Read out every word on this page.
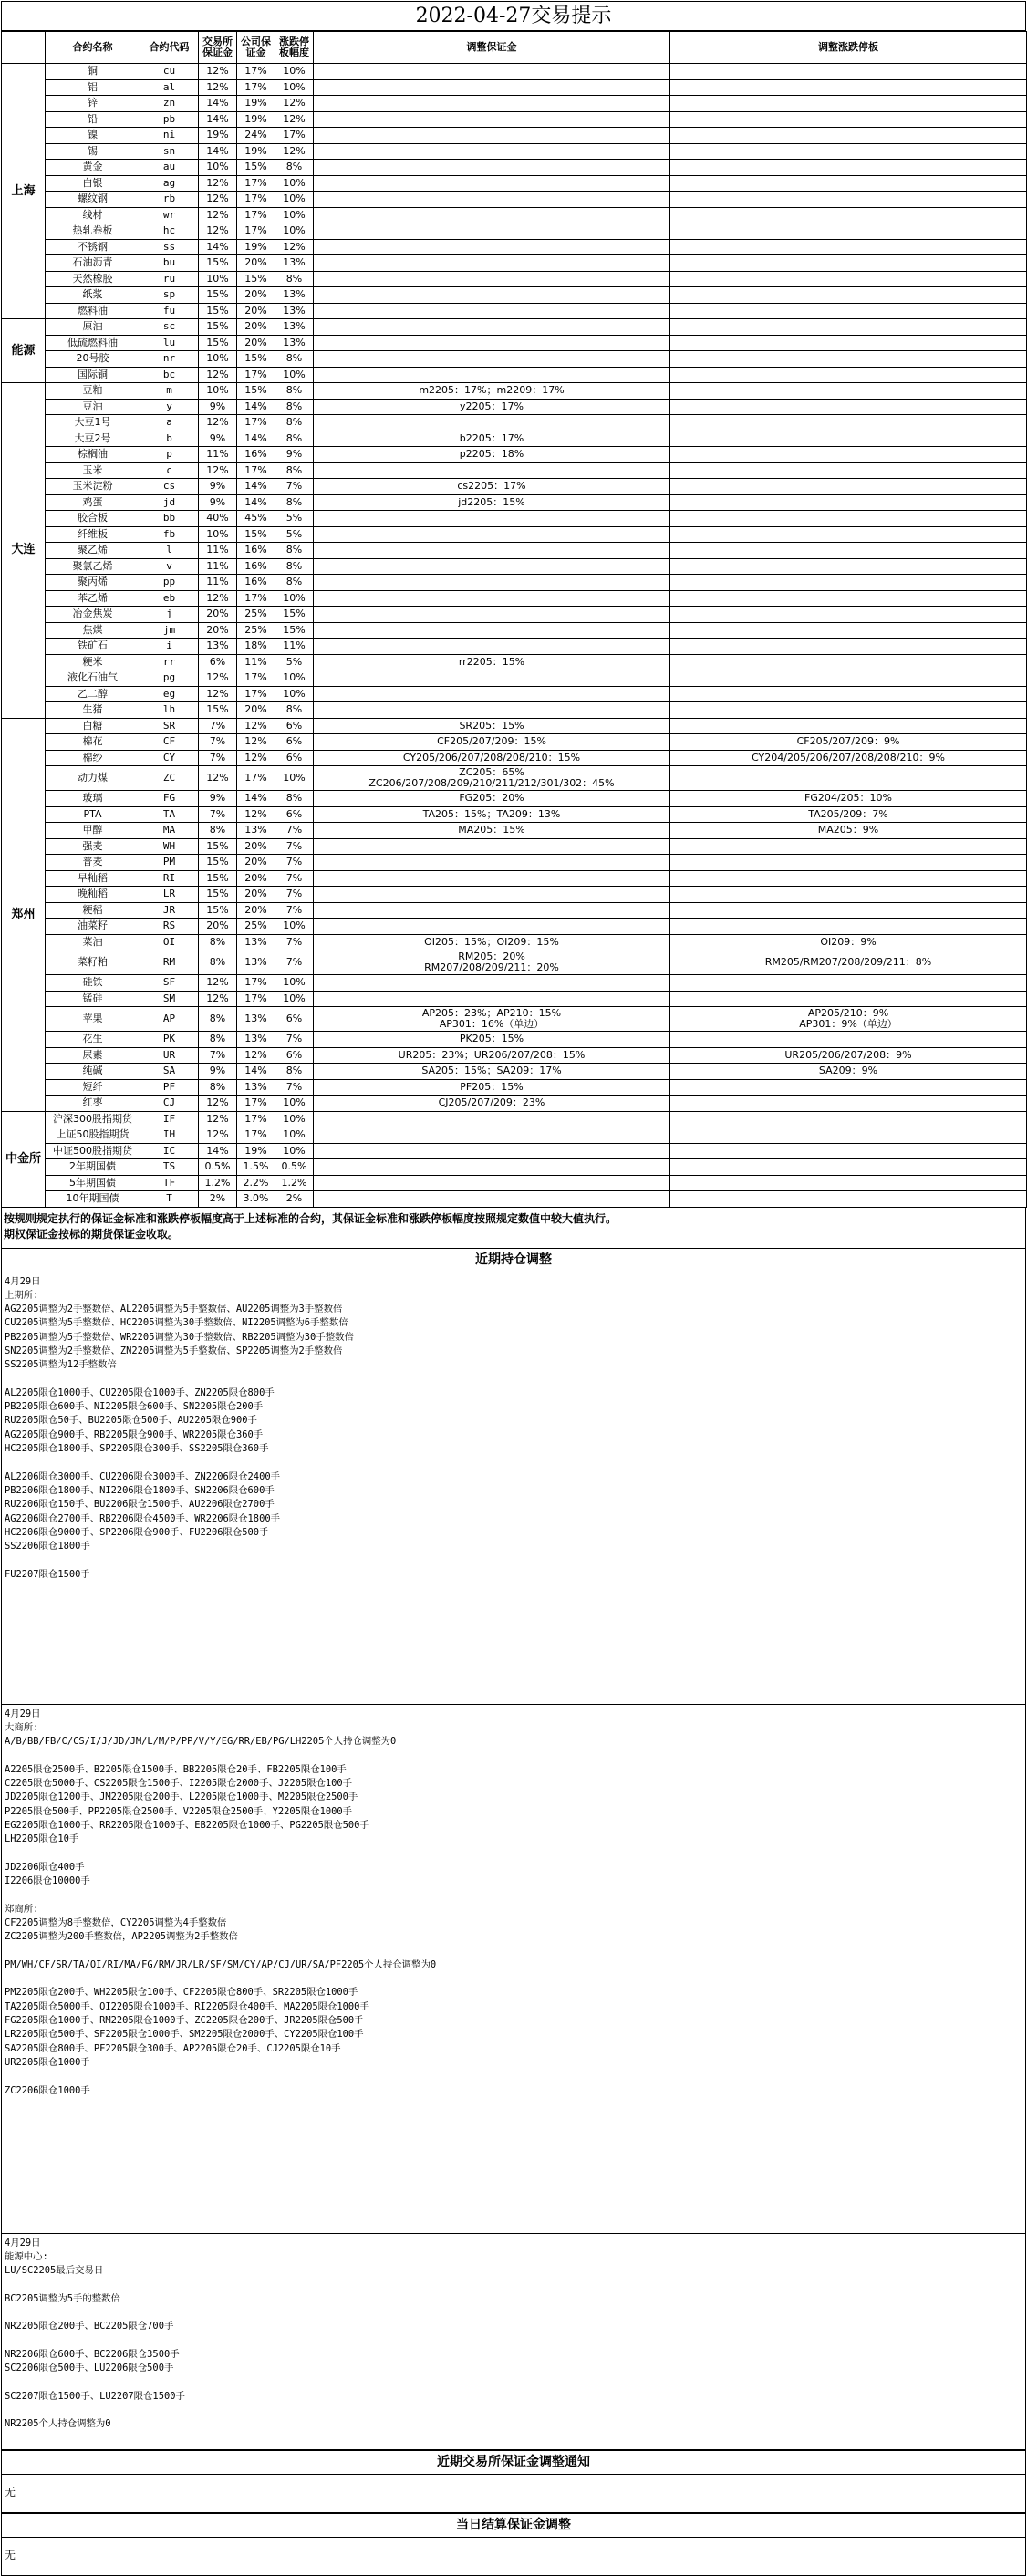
2022-04-27交易提示
	合约名称	合约代码	交易所保证金	公司保证金	涨跌停板幅度	调整保证金	调整涨跌停板
上海	铜	cu	12%	17%	10%		
	铝	al	12%	17%	10%		
	锌	zn	14%	19%	12%		
	铅	pb	14%	19%	12%		
	镍	ni	19%	24%	17%		
	锡	sn	14%	19%	12%		
	黄金	au	10%	15%	8%		
	白银	ag	12%	17%	10%		
	螺纹钢	rb	12%	17%	10%		
	线材	wr	12%	17%	10%		
	热轧卷板	hc	12%	17%	10%		
	不锈钢	ss	14%	19%	12%		
	石油沥青	bu	15%	20%	13%		
	天然橡胶	ru	10%	15%	8%		
	纸浆	sp	15%	20%	13%		
	燃料油	fu	15%	20%	13%		
能源	原油	sc	15%	20%	13%		
	低硫燃料油	lu	15%	20%	13%		
	20号胶	nr	10%	15%	8%		
	国际铜	bc	12%	17%	10%		
大连	豆粕	m	10%	15%	8%	m2205：17%；m2209：17%	
	豆油	y	9%	14%	8%	y2205：17%	
	大豆1号	a	12%	17%	8%		
	大豆2号	b	9%	14%	8%	b2205：17%	
	棕榈油	p	11%	16%	9%	p2205：18%	
	玉米	c	12%	17%	8%		
	玉米淀粉	cs	9%	14%	7%	cs2205：17%	
	鸡蛋	jd	9%	14%	8%	jd2205：15%	
	胶合板	bb	40%	45%	5%		
	纤维板	fb	10%	15%	5%		
	聚乙烯	l	11%	16%	8%		
	聚氯乙烯	v	11%	16%	8%		
	聚丙烯	pp	11%	16%	8%		
	苯乙烯	eb	12%	17%	10%		
	冶金焦炭	j	20%	25%	15%		
	焦煤	jm	20%	25%	15%		
	铁矿石	i	13%	18%	11%		
	粳米	rr	6%	11%	5%	rr2205：15%	
	液化石油气	pg	12%	17%	10%		
	乙二醇	eg	12%	17%	10%		
	生猪	lh	15%	20%	8%		
郑州	白糖	SR	7%	12%	6%	SR205：15%	
	棉花	CF	7%	12%	6%	CF205/207/209：15%	CF205/207/209：9%
	棉纱	CY	7%	12%	6%	CY205/206/207/208/208/210：15%	CY204/205/206/207/208/208/210：9%
	动力煤	ZC	12%	17%	10%	ZC205：65%
ZC206/207/208/209/210/211/212/301/302：45%	
	玻璃	FG	9%	14%	8%	FG205：20%	FG204/205：10%
	PTA	TA	7%	12%	6%	TA205：15%；TA209：13%	TA205/209：7%
	甲醇	MA	8%	13%	7%	MA205：15%	MA205：9%
	强麦	WH	15%	20%	7%		
	普麦	PM	15%	20%	7%		
	早籼稻	RI	15%	20%	7%		
	晚籼稻	LR	15%	20%	7%		
	粳稻	JR	15%	20%	7%		
	油菜籽	RS	20%	25%	10%		
	菜油	OI	8%	13%	7%	OI205：15%；OI209：15%	OI209：9%
	菜籽粕	RM	8%	13%	7%	RM205：20%
RM207/208/209/211：20%	RM205/RM207/208/209/211：8%
	硅铁	SF	12%	17%	10%		
	锰硅	SM	12%	17%	10%		
	苹果	AP	8%	13%	6%	AP205：23%；AP210：15%
AP301：16%（单边）	AP205/210：9%
AP301：9%（单边）
	花生	PK	8%	13%	7%	PK205：15%	
	尿素	UR	7%	12%	6%	UR205：23%；UR206/207/208：15%	UR205/206/207/208：9%
	纯碱	SA	9%	14%	8%	SA205：15%；SA209：17%	SA209：9%
	短纤	PF	8%	13%	7%	PF205：15%	
	红枣	CJ	12%	17%	10%	CJ205/207/209：23%	
中金所	沪深300股指期货	IF	12%	17%	10%		
	上证50股指期货	IH	12%	17%	10%		
	中证500股指期货	IC	14%	19%	10%		
	2年期国债	TS	0.5%	1.5%	0.5%		
	5年期国债	TF	1.2%	2.2%	1.2%		
	10年期国债	T	2%	3.0%	2%		
按规则规定执行的保证金标准和涨跌停板幅度高于上述标准的合约，其保证金标准和涨跌停板幅度按照规定数值中较大值执行。
期权保证金按标的期货保证金收取。
近期持仓调整
4月29日
上期所:
AG2205调整为2手整数倍、AL2205调整为5手整数倍、AU2205调整为3手整数倍
CU2205调整为5手整数倍、HC2205调整为30手整数倍、NI2205调整为6手整数倍
PB2205调整为5手整数倍、WR2205调整为30手整数倍、RB2205调整为30手整数倍
SN2205调整为2手整数倍、ZN2205调整为5手整数倍、SP2205调整为2手整数倍
SS2205调整为12手整数倍
AL2205限仓1000手、CU2205限仓1000手、ZN2205限仓800手
PB2205限仓600手、NI2205限仓600手、SN2205限仓200手
RU2205限仓50手、BU2205限仓500手、AU2205限仓900手
AG2205限仓900手、RB2205限仓900手、WR2205限仓360手
HC2205限仓1800手、SP2205限仓300手、SS2205限仓360手
AL2206限仓3000手、CU2206限仓3000手、ZN2206限仓2400手
PB2206限仓1800手、NI2206限仓1800手、SN2206限仓600手
RU2206限仓150手、BU2206限仓1500手、AU2206限仓2700手
AG2206限仓2700手、RB2206限仓4500手、WR2206限仓1800手
HC2206限仓9000手、SP2206限仓900手、FU2206限仓500手
SS2206限仓1800手
FU2207限仓1500手
4月29日
大商所:
A/B/BB/FB/C/CS/I/J/JD/JM/L/M/P/PP/V/Y/EG/RR/EB/PG/LH2205个人持仓调整为0
A2205限仓2500手、B2205限仓1500手、BB2205限仓20手、FB2205限仓100手
C2205限仓5000手、CS2205限仓1500手、I2205限仓2000手、J2205限仓100手
JD2205限仓1200手、JM2205限仓200手、L2205限仓1000手、M2205限仓2500手
P2205限仓500手、PP2205限仓2500手、V2205限仓2500手、Y2205限仓1000手
EG2205限仓1000手、RR2205限仓1000手、EB2205限仓1000手、PG2205限仓500手
LH2205限仓10手
JD2206限仓400手
I2206限仓10000手
郑商所:
CF2205调整为8手整数倍，CY2205调整为4手整数倍
ZC2205调整为200手整数倍，AP2205调整为2手整数倍
PM/WH/CF/SR/TA/OI/RI/MA/FG/RM/JR/LR/SF/SM/CY/AP/CJ/UR/SA/PF2205个人持仓调整为0
PM2205限仓200手、WH2205限仓100手、CF2205限仓800手、SR2205限仓1000手
TA2205限仓5000手、OI2205限仓1000手、RI2205限仓400手、MA2205限仓1000手
FG2205限仓1000手、RM2205限仓1000手、ZC2205限仓200手、JR2205限仓500手
LR2205限仓500手、SF2205限仓1000手、SM2205限仓2000手、CY2205限仓100手
SA2205限仓800手、PF2205限仓300手、AP2205限仓20手、CJ2205限仓10手
UR2205限仓1000手
ZC2206限仓1000手
4月29日
能源中心:
LU/SC2205最后交易日
BC2205调整为5手的整数倍
NR2205限仓200手、BC2205限仓700手
NR2206限仓600手、BC2206限仓3500手
SC2206限仓500手、LU2206限仓500手
SC2207限仓1500手、LU2207限仓1500手
NR2205个人持仓调整为0
近期交易所保证金调整通知
无
当日结算保证金调整
无
